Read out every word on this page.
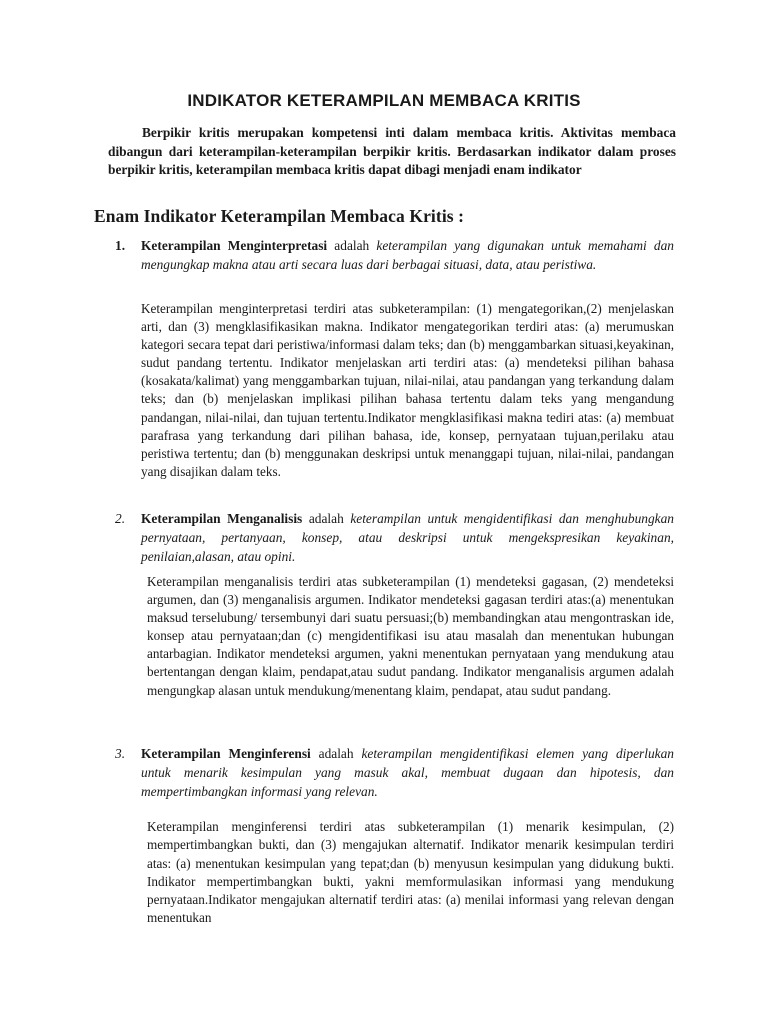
INDIKATOR KETERAMPILAN MEMBACA KRITIS

Berpikir kritis merupakan kompetensi inti dalam membaca kritis. Aktivitas membaca dibangun dari keterampilan-keterampilan berpikir kritis. Berdasarkan indikator dalam proses berpikir kritis, keterampilan membaca kritis dapat dibagi menjadi enam indikator

Enam Indikator Keterampilan Membaca Kritis :

1. Keterampilan Menginterpretasi adalah keterampilan yang digunakan untuk memahami dan mengungkap makna atau arti secara luas dari berbagai situasi, data, atau peristiwa.

Keterampilan menginterpretasi terdiri atas subketerampilan: (1) mengategorikan,(2) menjelaskan arti, dan (3) mengklasifikasikan makna. Indikator mengategorikan terdiri atas: (a) merumuskan kategori secara tepat dari peristiwa/informasi dalam teks; dan (b) menggambarkan situasi,keyakinan, sudut pandang tertentu. Indikator menjelaskan arti terdiri atas: (a) mendeteksi pilihan bahasa (kosakata/kalimat) yang menggambarkan tujuan, nilai-nilai, atau pandangan yang terkandung dalam teks; dan (b) menjelaskan implikasi pilihan bahasa tertentu dalam teks yang mengandung pandangan, nilai-nilai, dan tujuan tertentu.Indikator mengklasifikasi makna tediri atas: (a) membuat parafrasa yang terkandung dari pilihan bahasa, ide, konsep, pernyataan tujuan,perilaku atau peristiwa tertentu; dan (b) menggunakan deskripsi untuk menanggapi tujuan, nilai-nilai, pandangan yang disajikan dalam teks.

2. Keterampilan Menganalisis adalah keterampilan untuk mengidentifikasi dan menghubungkan pernyataan, pertanyaan, konsep, atau deskripsi untuk mengekspresikan keyakinan, penilaian,alasan, atau opini.

Keterampilan menganalisis terdiri atas subketerampilan (1) mendeteksi gagasan, (2) mendeteksi argumen, dan (3) menganalisis argumen. Indikator mendeteksi gagasan terdiri atas:(a) menentukan maksud terselubung/ tersembunyi dari suatu persuasi;(b) membandingkan atau mengontraskan ide, konsep atau pernyataan;dan (c) mengidentifikasi isu atau masalah dan menentukan hubungan antarbagian. Indikator mendeteksi argumen, yakni menentukan pernyataan yang mendukung atau bertentangan dengan klaim, pendapat,atau sudut pandang. Indikator menganalisis argumen adalah mengungkap alasan untuk mendukung/menentang klaim, pendapat, atau sudut pandang.

3. Keterampilan Menginferensi adalah keterampilan mengidentifikasi elemen yang diperlukan untuk menarik kesimpulan yang masuk akal, membuat dugaan dan hipotesis, dan mempertimbangkan informasi yang relevan.

Keterampilan menginferensi terdiri atas subketerampilan (1) menarik kesimpulan, (2) mempertimbangkan bukti, dan (3) mengajukan alternatif. Indikator menarik kesimpulan terdiri atas: (a) menentukan kesimpulan yang tepat;dan (b) menyusun kesimpulan yang didukung bukti. Indikator mempertimbangkan bukti, yakni memformulasikan informasi yang mendukung pernyataan.Indikator mengajukan alternatif terdiri atas: (a) menilai informasi yang relevan dengan menentukan
